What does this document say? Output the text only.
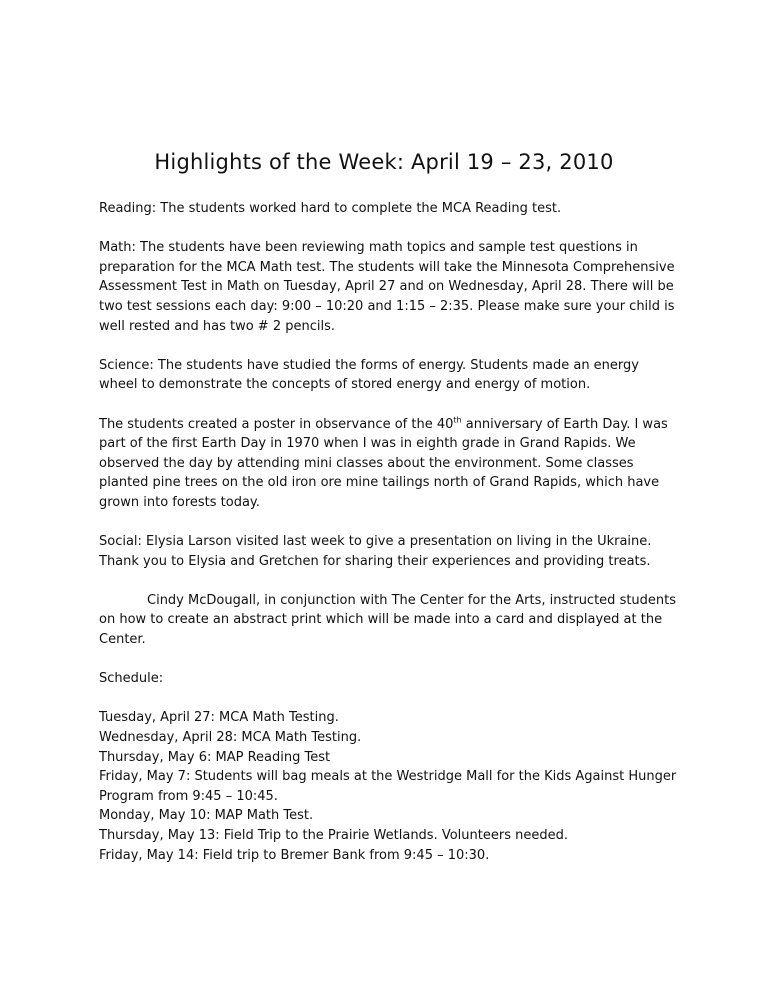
Highlights of the Week: April 19 – 23, 2010

Reading: The students worked hard to complete the MCA Reading test.

Math: The students have been reviewing math topics and sample test questions in preparation for the MCA Math test. The students will take the Minnesota Comprehensive Assessment Test in Math on Tuesday, April 27 and on Wednesday, April 28. There will be two test sessions each day: 9:00 – 10:20 and 1:15 – 2:35. Please make sure your child is well rested and has two # 2 pencils.

Science: The students have studied the forms of energy. Students made an energy wheel to demonstrate the concepts of stored energy and energy of motion.

The students created a poster in observance of the 40th anniversary of Earth Day. I was part of the first Earth Day in 1970 when I was in eighth grade in Grand Rapids. We observed the day by attending mini classes about the environment. Some classes planted pine trees on the old iron ore mine tailings north of Grand Rapids, which have grown into forests today.

Social: Elysia Larson visited last week to give a presentation on living in the Ukraine. Thank you to Elysia and Gretchen for sharing their experiences and providing treats.

Cindy McDougall, in conjunction with The Center for the Arts, instructed students on how to create an abstract print which will be made into a card and displayed at the Center.

Schedule:

Tuesday, April 27: MCA Math Testing.
Wednesday, April 28: MCA Math Testing.
Thursday, May 6: MAP Reading Test
Friday, May 7: Students will bag meals at the Westridge Mall for the Kids Against Hunger Program from 9:45 – 10:45.
Monday, May 10: MAP Math Test.
Thursday, May 13: Field Trip to the Prairie Wetlands. Volunteers needed.
Friday, May 14: Field trip to Bremer Bank from 9:45 – 10:30.
